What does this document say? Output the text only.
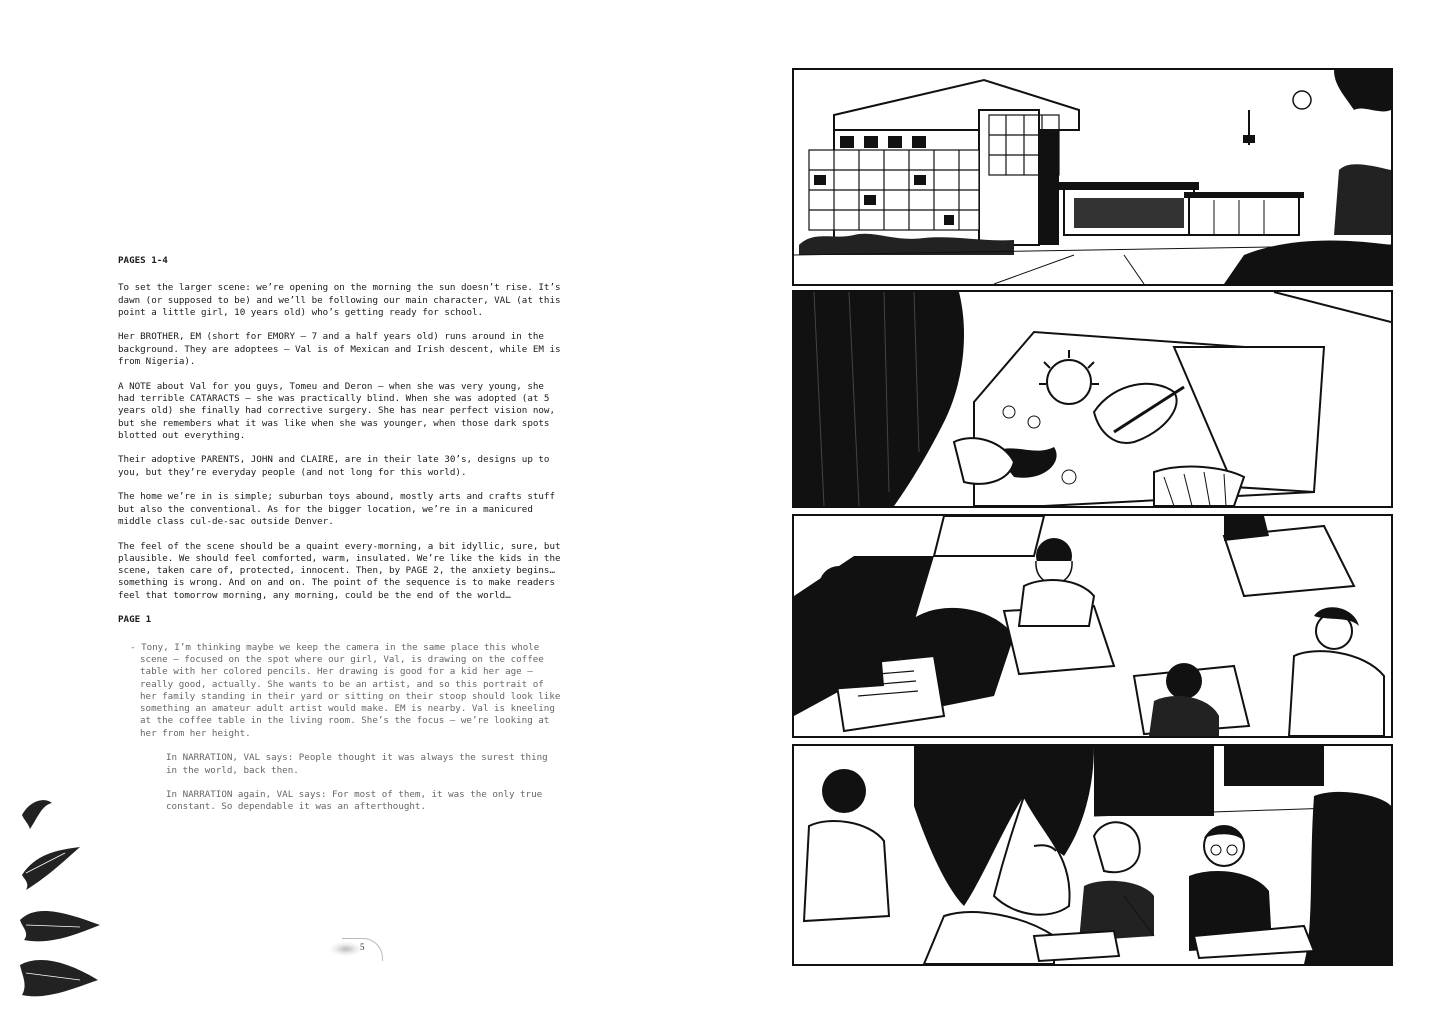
PAGES 1-4

To set the larger scene: we’re opening on the morning the sun doesn’t rise. It’s dawn (or supposed to be) and we’ll be following our main character, VAL (at this point a little girl, 10 years old) who’s getting ready for school.

Her BROTHER, EM (short for EMORY – 7 and a half years old) runs around in the background. They are adoptees – Val is of Mexican and Irish descent, while EM is from Nigeria).

A NOTE about Val for you guys, Tomeu and Deron – when she was very young, she had terrible CATARACTS – she was practically blind. When she was adopted (at 5 years old) she finally had corrective surgery. She has near perfect vision now, but she remembers what it was like when she was younger, when those dark spots blotted out everything.

Their adoptive PARENTS, JOHN and CLAIRE, are in their late 30’s, designs up to you, but they’re everyday people (and not long for this world).

The home we’re in is simple; suburban toys abound, mostly arts and crafts stuff but also the conventional. As for the bigger location, we’re in a manicured middle class cul-de-sac outside Denver.

The feel of the scene should be a quaint every-morning, a bit idyllic, sure, but plausible. We should feel comforted, warm, insulated. We’re like the kids in the scene, taken care of, protected, innocent. Then, by PAGE 2, the anxiety begins… something is wrong. And on and on. The point of the sequence is to make readers feel that tomorrow morning, any morning, could be the end of the world…

PAGE 1

- Tony, I’m thinking maybe we keep the camera in the same place this whole scene – focused on the spot where our girl, Val, is drawing on the coffee table with her colored pencils. Her drawing is good for a kid her age – really good, actually. She wants to be an artist, and so this portrait of her family standing in their yard or sitting on their stoop should look like something an amateur adult artist would make. EM is nearby. Val is kneeling at the coffee table in the living room. She’s the focus – we’re looking at her from her height.

In NARRATION, VAL says: People thought it was always the surest thing in the world, back then.

In NARRATION again, VAL says: For most of them, it was the only true constant. So dependable it was an afterthought.

5
